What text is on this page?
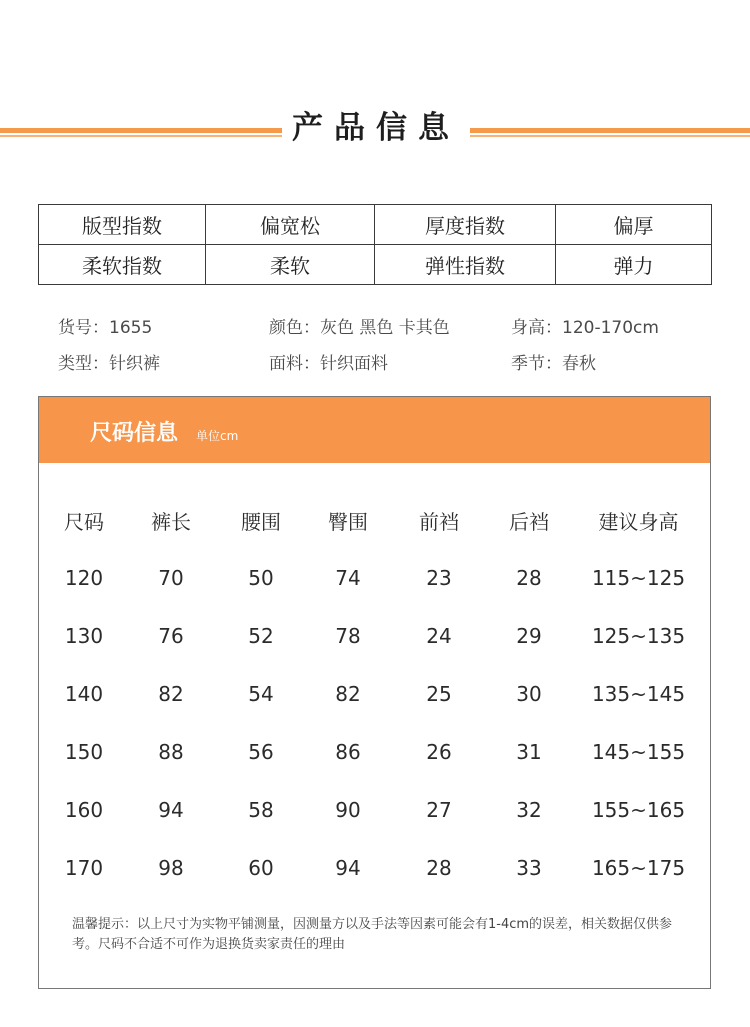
产品信息
版型指数	偏宽松	厚度指数	偏厚
柔软指数	柔软	弹性指数	弹力
货号：1655	颜色：灰色 黑色 卡其色	身高：120-170cm
类型：针织裤	面料：针织面料	季节：春秋
尺码信息 单位cm
尺码	裤长	腰围	臀围	前裆	后裆	建议身高
120	70	50	74	23	28	115~125
130	76	52	78	24	29	125~135
140	82	54	82	25	30	135~145
150	88	56	86	26	31	145~155
160	94	58	90	27	32	155~165
170	98	60	94	28	33	165~175
温馨提示：以上尺寸为实物平铺测量，因测量方以及手法等因素可能会有1-4cm的误差，相关数据仅供参考。尺码不合适不可作为退换货卖家责任的理由
